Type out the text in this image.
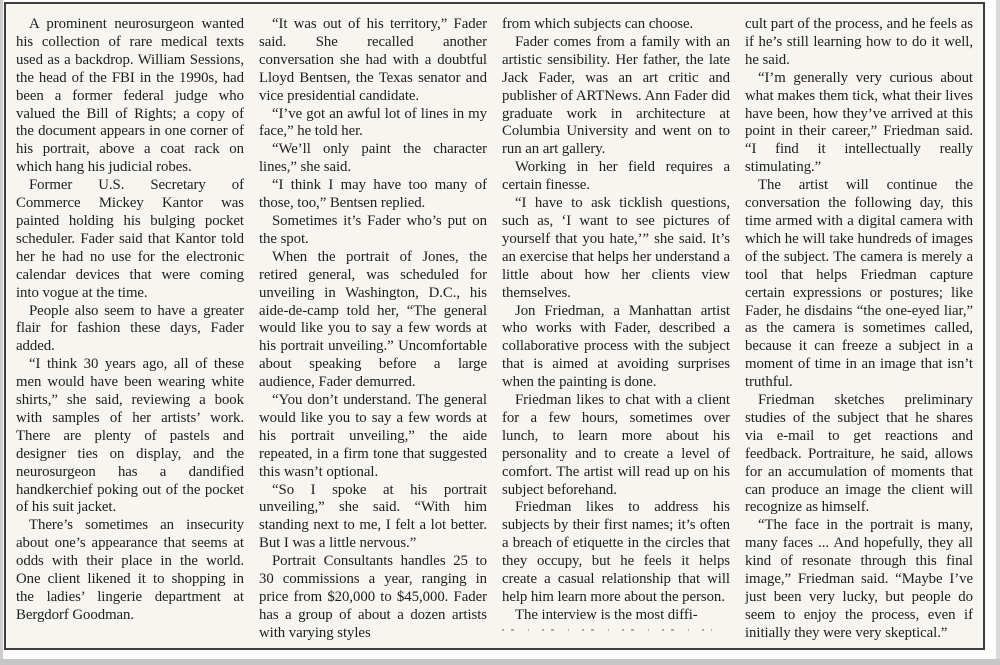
A prominent neurosurgeon wanted his collection of rare medical texts used as a backdrop. William Sessions, the head of the FBI in the 1990s, had been a former federal judge who valued the Bill of Rights; a copy of the document appears in one corner of his portrait, above a coat rack on which hang his judicial robes.

Former U.S. Secretary of Commerce Mickey Kantor was painted holding his bulging pocket scheduler. Fader said that Kantor told her he had no use for the electronic calendar devices that were coming into vogue at the time.

People also seem to have a greater flair for fashion these days, Fader added.

“I think 30 years ago, all of these men would have been wearing white shirts,” she said, reviewing a book with samples of her artists’ work. There are plenty of pastels and designer ties on display, and the neurosurgeon has a dandified handkerchief poking out of the pocket of his suit jacket.

There’s sometimes an insecurity about one’s appearance that seems at odds with their place in the world. One client likened it to shopping in the ladies’ lingerie department at Bergdorf Goodman.

“It was out of his territory,” Fader said. She recalled another conversation she had with a doubtful Lloyd Bentsen, the Texas senator and vice presidential candidate.

“I’ve got an awful lot of lines in my face,” he told her.

“We’ll only paint the character lines,” she said.

“I think I may have too many of those, too,” Bentsen replied.

Sometimes it’s Fader who’s put on the spot.

When the portrait of Jones, the retired general, was scheduled for unveiling in Washington, D.C., his aide-de-camp told her, “The general would like you to say a few words at his portrait unveiling.” Uncomfortable about speaking before a large audience, Fader demurred.

“You don’t understand. The general would like you to say a few words at his portrait unveiling,” the aide repeated, in a firm tone that suggested this wasn’t optional.

“So I spoke at his portrait unveiling,” she said. “With him standing next to me, I felt a lot better. But I was a little nervous.”

Portrait Consultants handles 25 to 30 commissions a year, ranging in price from $20,000 to $45,000. Fader has a group of about a dozen artists with varying styles

from which subjects can choose.

Fader comes from a family with an artistic sensibility. Her father, the late Jack Fader, was an art critic and publisher of ARTNews. Ann Fader did graduate work in architecture at Columbia University and went on to run an art gallery.

Working in her field requires a certain finesse.

“I have to ask ticklish questions, such as, ‘I want to see pictures of yourself that you hate,’” she said. It’s an exercise that helps her understand a little about how her clients view themselves.

Jon Friedman, a Manhattan artist who works with Fader, described a collaborative process with the subject that is aimed at avoiding surprises when the painting is done.

Friedman likes to chat with a client for a few hours, sometimes over lunch, to learn more about his personality and to create a level of comfort. The artist will read up on his subject beforehand.

Friedman likes to address his subjects by their first names; it’s often a breach of etiquette in the circles that they occupy, but he feels it helps create a casual relationship that will help him learn more about the person.

The interview is the most diffi-

cult part of the process, and he feels as if he’s still learning how to do it well, he said.

“I’m generally very curious about what makes them tick, what their lives have been, how they’ve arrived at this point in their career,” Friedman said. “I find it intellectually really stimulating.”

The artist will continue the conversation the following day, this time armed with a digital camera with which he will take hundreds of images of the subject. The camera is merely a tool that helps Friedman capture certain expressions or postures; like Fader, he disdains “the one-eyed liar,” as the camera is sometimes called, because it can freeze a subject in a moment of time in an image that isn’t truthful.

Friedman sketches preliminary studies of the subject that he shares via e-mail to get reactions and feedback. Portraiture, he said, allows for an accumulation of moments that can produce an image the client will recognize as himself.

“The face in the portrait is many, many faces ... And hopefully, they all kind of resonate through this final image,” Friedman said. “Maybe I’ve just been very lucky, but people do seem to enjoy the process, even if initially they were very skeptical.”
